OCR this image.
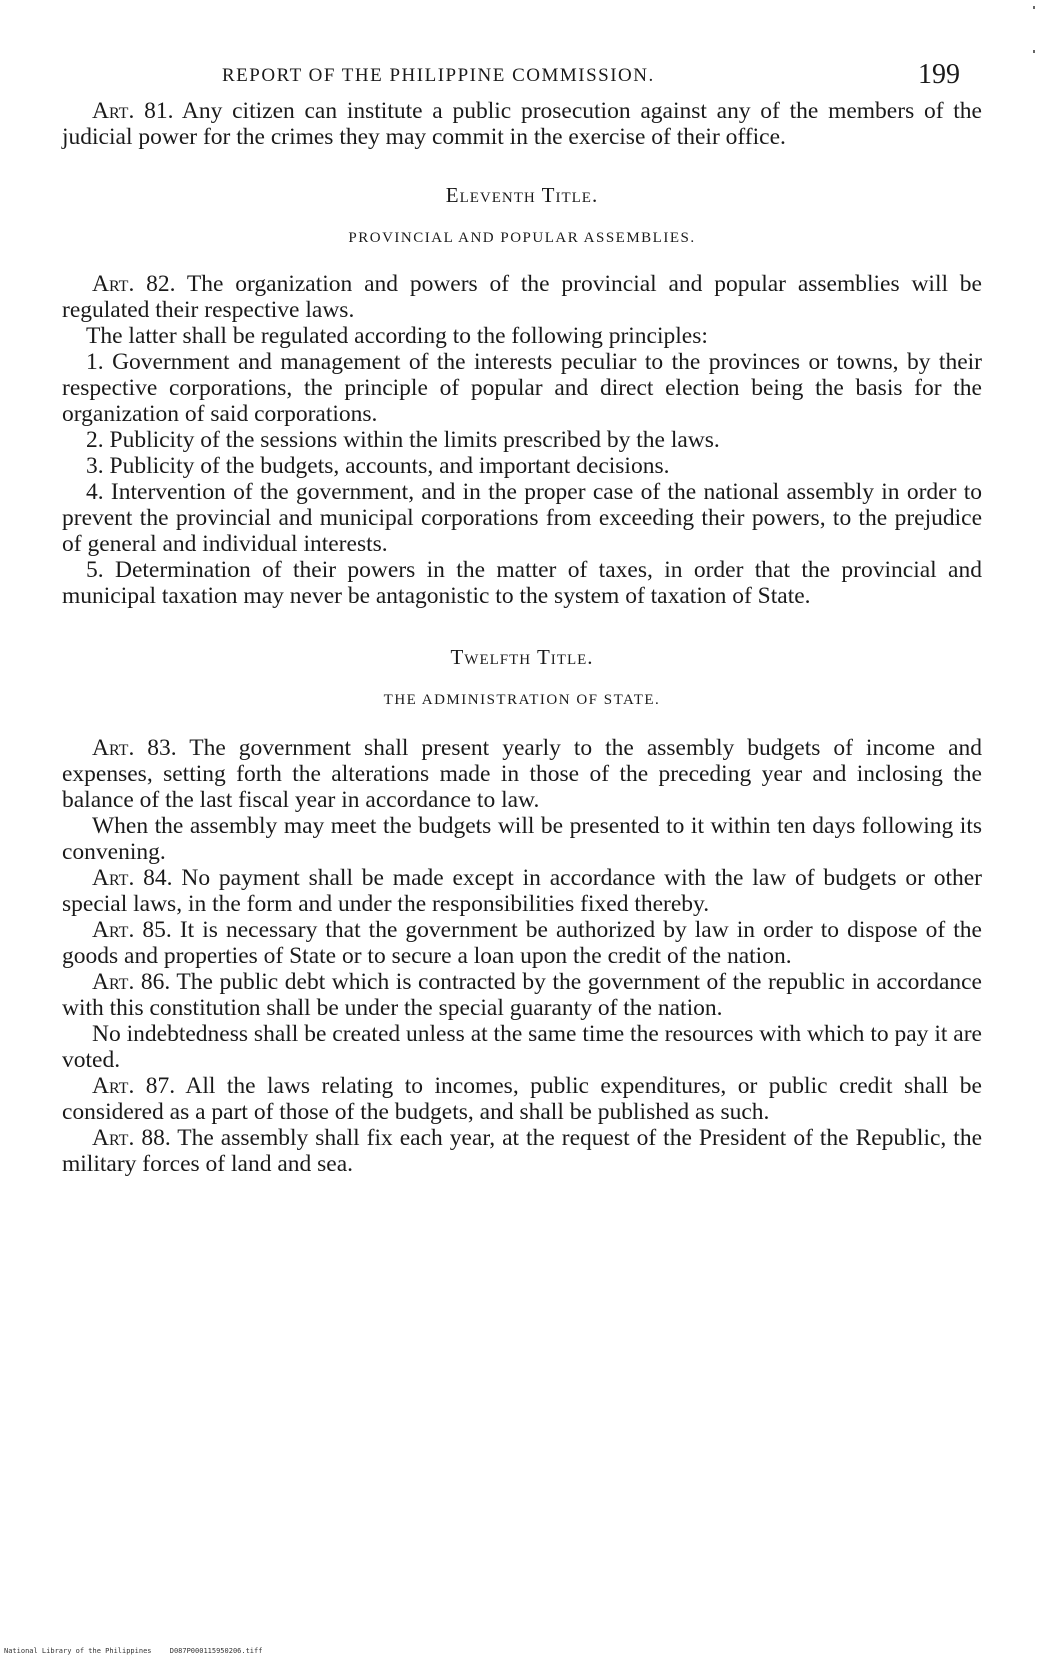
REPORT OF THE PHILIPPINE COMMISSION.	199

Art. 81. Any citizen can institute a public prosecution against any of the members of the judicial power for the crimes they may commit in the exercise of their office.

Eleventh Title.

PROVINCIAL AND POPULAR ASSEMBLIES.

Art. 82. The organization and powers of the provincial and popular assemblies will be regulated their respective laws.

The latter shall be regulated according to the following principles:

1. Government and management of the interests peculiar to the provinces or towns, by their respective corporations, the principle of popular and direct election being the basis for the organization of said corporations.

2. Publicity of the sessions within the limits prescribed by the laws.

3. Publicity of the budgets, accounts, and important decisions.

4. Intervention of the government, and in the proper case of the national assembly in order to prevent the provincial and municipal corporations from exceeding their powers, to the prejudice of general and individual interests.

5. Determination of their powers in the matter of taxes, in order that the provincial and municipal taxation may never be antagonistic to the system of taxation of State.

Twelfth Title.

THE ADMINISTRATION OF STATE.

Art. 83. The government shall present yearly to the assembly budgets of income and expenses, setting forth the alterations made in those of the preceding year and inclosing the balance of the last fiscal year in accordance to law.

When the assembly may meet the budgets will be presented to it within ten days following its convening.

Art. 84. No payment shall be made except in accordance with the law of budgets or other special laws, in the form and under the responsibilities fixed thereby.

Art. 85. It is necessary that the government be authorized by law in order to dispose of the goods and properties of State or to secure a loan upon the credit of the nation.

Art. 86. The public debt which is contracted by the government of the republic in accordance with this constitution shall be under the special guaranty of the nation.

No indebtedness shall be created unless at the same time the resources with which to pay it are voted.

Art. 87. All the laws relating to incomes, public expenditures, or public credit shall be considered as a part of those of the budgets, and shall be published as such.

Art. 88. The assembly shall fix each year, at the request of the President of the Republic, the military forces of land and sea.

National Library of the Philippines	D087P000115950206.tiff
